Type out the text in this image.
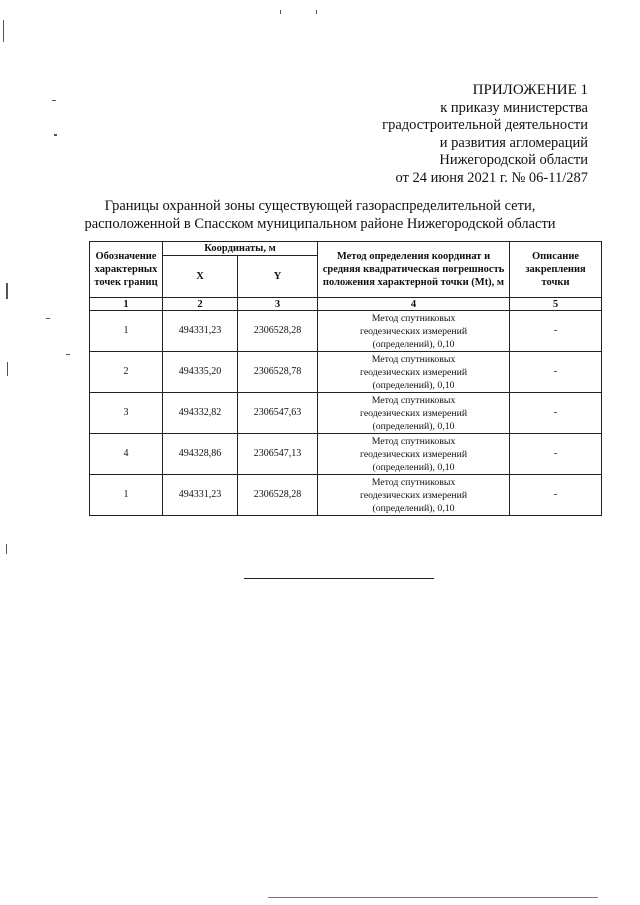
ПРИЛОЖЕНИЕ 1
к приказу министерства
градостроительной деятельности
и развития агломераций
Нижегородской области
от 24 июня 2021 г. № 06-11/287
Границы охранной зоны существующей газораспределительной сети,
расположенной в Спасском муниципальном районе Нижегородской области
Обозначение характерных точек границ	Координаты, м		Метод определения координат и средняя квадратическая погрешность положения характерной точки (Mt), м	Описание закрепления точки
	X	Y		
1	2	3	4	5
1	494331,23	2306528,28	Метод спутниковых
геодезических измерений
(определений), 0,10	-
2	494335,20	2306528,78	Метод спутниковых
геодезических измерений
(определений), 0,10	-
3	494332,82	2306547,63	Метод спутниковых
геодезических измерений
(определений), 0,10	-
4	494328,86	2306547,13	Метод спутниковых
геодезических измерений
(определений), 0,10	-
1	494331,23	2306528,28	Метод спутниковых
геодезических измерений
(определений), 0,10	-
